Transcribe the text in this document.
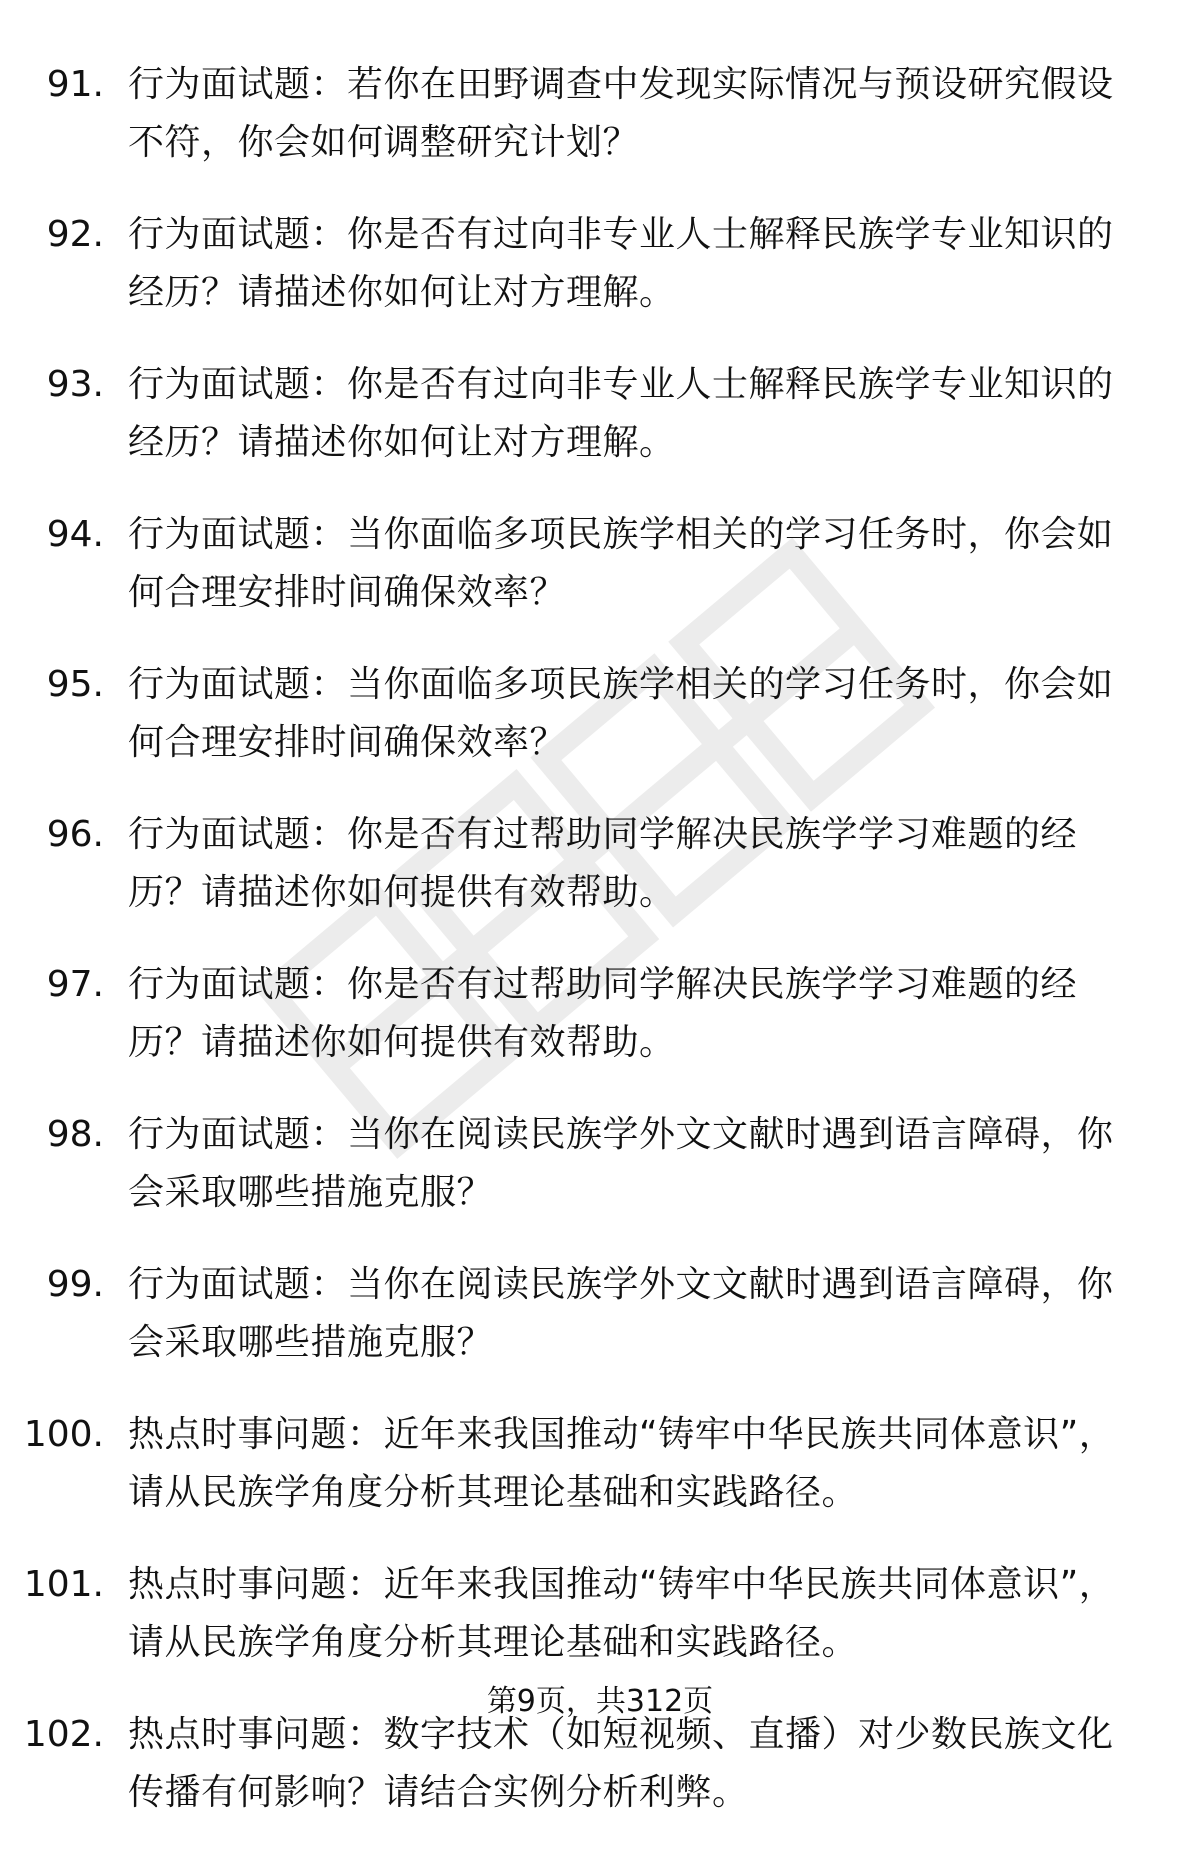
91. 行为面试题：若你在田野调查中发现实际情况与预设研究假设不符，你会如何调整研究计划？

92. 行为面试题：你是否有过向非专业人士解释民族学专业知识的经历？请描述你如何让对方理解。

93. 行为面试题：你是否有过向非专业人士解释民族学专业知识的经历？请描述你如何让对方理解。

94. 行为面试题：当你面临多项民族学相关的学习任务时，你会如何合理安排时间确保效率？

95. 行为面试题：当你面临多项民族学相关的学习任务时，你会如何合理安排时间确保效率？

96. 行为面试题：你是否有过帮助同学解决民族学学习难题的经历？请描述你如何提供有效帮助。

97. 行为面试题：你是否有过帮助同学解决民族学学习难题的经历？请描述你如何提供有效帮助。

98. 行为面试题：当你在阅读民族学外文文献时遇到语言障碍，你会采取哪些措施克服？

99. 行为面试题：当你在阅读民族学外文文献时遇到语言障碍，你会采取哪些措施克服？

100. 热点时事问题：近年来我国推动“铸牢中华民族共同体意识”，请从民族学角度分析其理论基础和实践路径。

101. 热点时事问题：近年来我国推动“铸牢中华民族共同体意识”，请从民族学角度分析其理论基础和实践路径。

102. 热点时事问题：数字技术（如短视频、直播）对少数民族文化传播有何影响？请结合实例分析利弊。

第9页，共312页
